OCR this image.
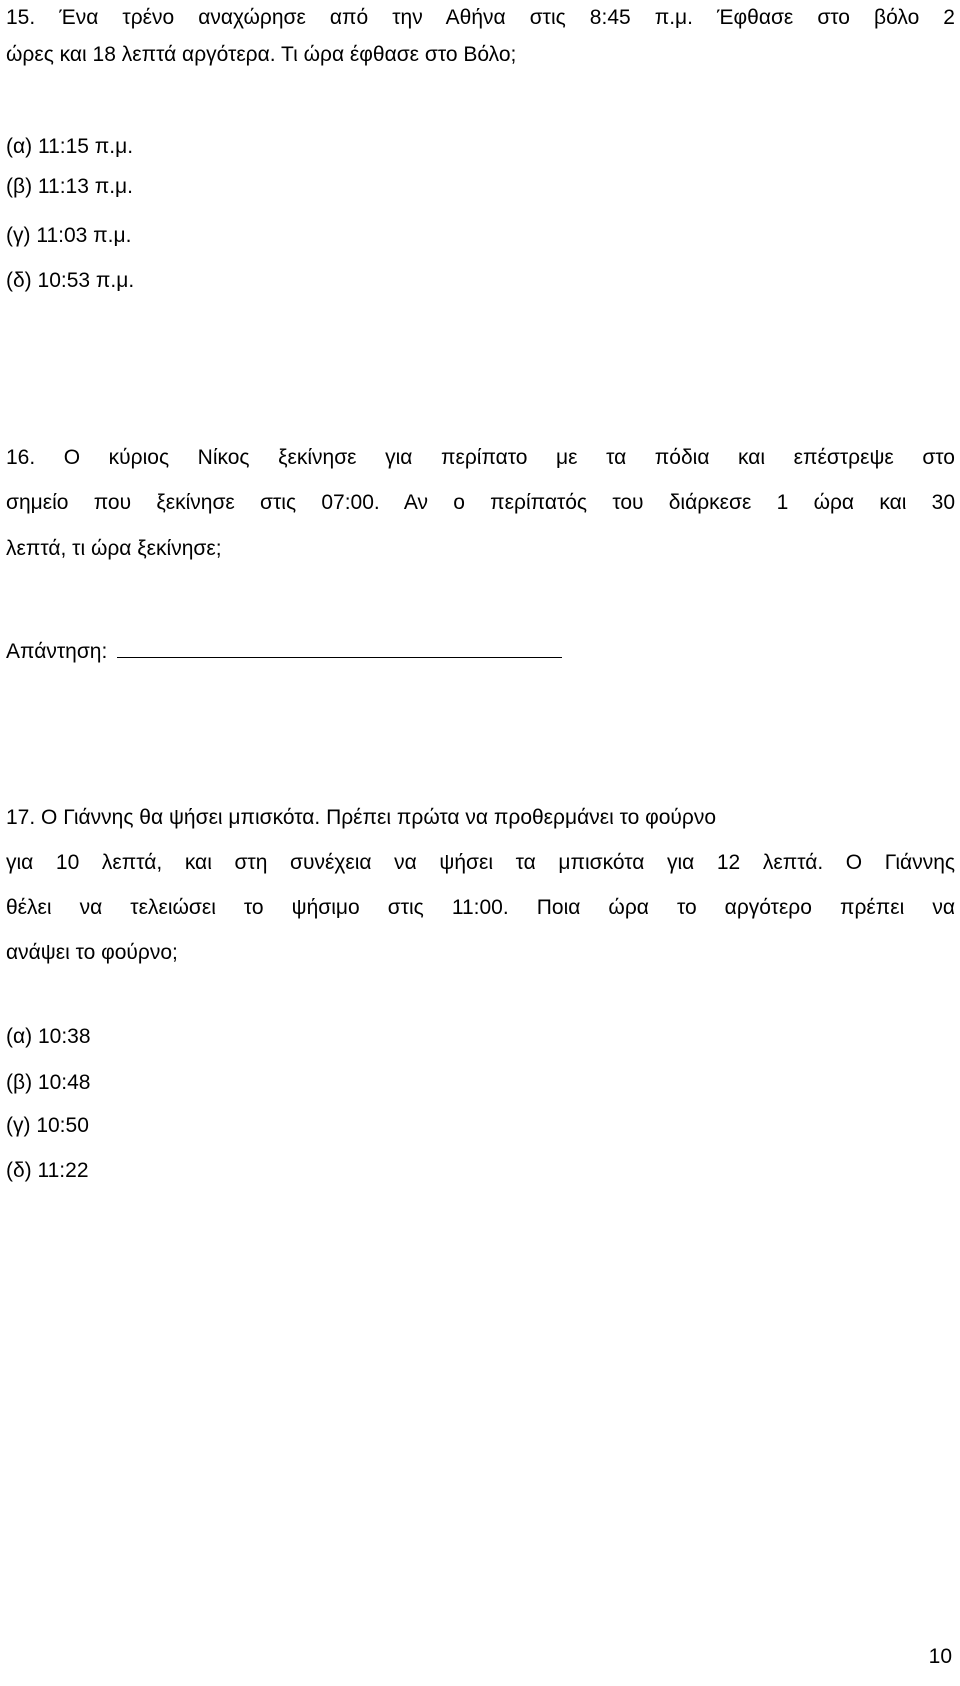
15. Ένα τρένο αναχώρησε από την Αθήνα στις 8:45 π.μ. Έφθασε στο βόλο 2
ώρες και 18 λεπτά αργότερα. Τι ώρα έφθασε στο Βόλο;
(α) 11:15 π.μ.
(β) 11:13 π.μ.
(γ) 11:03 π.μ.
(δ) 10:53 π.μ.
16. Ο κύριος Νίκος ξεκίνησε για περίπατο με τα πόδια και επέστρεψε στο
σημείο που ξεκίνησε στις 07:00. Αν ο περίπατός του διάρκεσε 1 ώρα και 30
λεπτά, τι ώρα ξεκίνησε;
Απάντηση:
17. Ο Γιάννης θα ψήσει μπισκότα. Πρέπει πρώτα να προθερμάνει το φούρνο
για 10 λεπτά, και στη συνέχεια να ψήσει τα μπισκότα για 12 λεπτά. Ο Γιάννης
θέλει να τελειώσει το ψήσιμο στις 11:00. Ποια ώρα το αργότερο πρέπει να
ανάψει το φούρνο;
(α) 10:38
(β) 10:48
(γ) 10:50
(δ) 11:22
10
